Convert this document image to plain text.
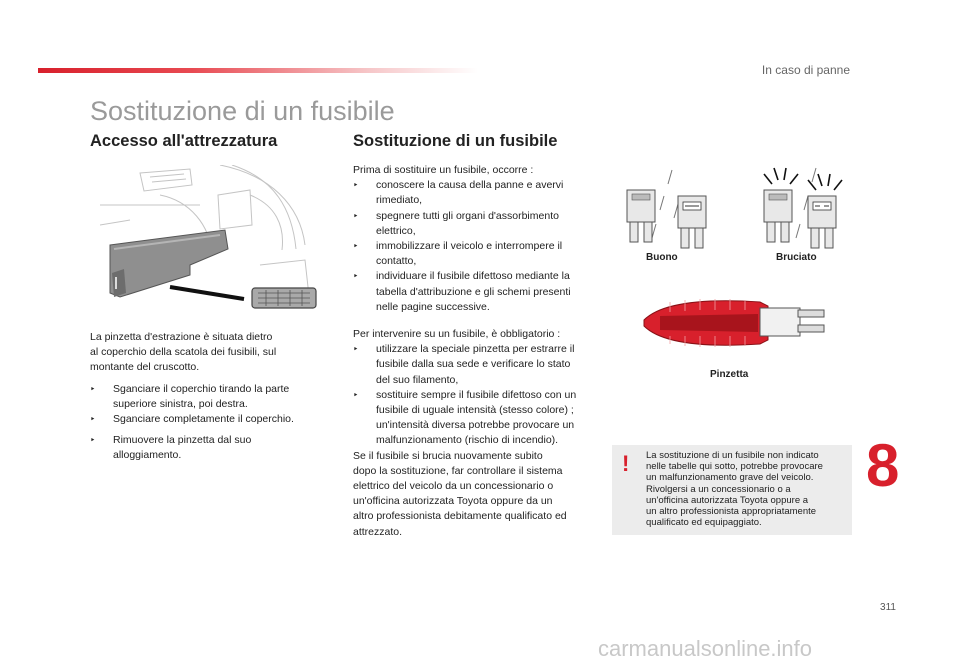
In caso di panne
Sostituzione di un fusibile
Accesso all'attrezzatura	Sostituzione di un fusibile

La pinzetta d'estrazione è situata dietro

al coperchio della scatola dei fusibili, sul

montante del cruscotto.

‣ Sganciare il coperchio tirando la parte

superiore sinistra, poi destra.

‣ Sganciare completamente il coperchio.

‣ Rimuovere la pinzetta dal suo

alloggiamento.

Prima di sostituire un fusibile, occorre :

‣ conoscere la causa della panne e avervi

rimediato,

‣ spegnere tutti gli organi d'assorbimento

elettrico,

‣ immobilizzare il veicolo e interrompere il

contatto,

‣ individuare il fusibile difettoso mediante la

tabella d'attribuzione e gli schemi presenti

nelle pagine successive.

Per intervenire su un fusibile, è obbligatorio :

‣ utilizzare la speciale pinzetta per estrarre il

fusibile dalla sua sede e verificare lo stato

del suo filamento,

‣ sostituire sempre il fusibile difettoso con un

fusibile di uguale intensità (stesso colore) ;

un'intensità diversa potrebbe provocare un

malfunzionamento (rischio di incendio).

Se il fusibile si brucia nuovamente subito

dopo la sostituzione, far controllare il sistema

elettrico del veicolo da un concessionario o

un'officina autorizzata Toyota oppure da un

altro professionista debitamente qualificato ed

attrezzato.

Buono	Bruciato
Pinzetta
! La sostituzione di un fusibile non indicato
nelle tabelle qui sotto, potrebbe provocare
un malfunzionamento grave del veicolo.
Rivolgersi a un concessionario o a
un'officina autorizzata Toyota oppure a
un altro professionista appropriatamente
qualificato ed equipaggiato.
8
311
carmanualsonline.info
